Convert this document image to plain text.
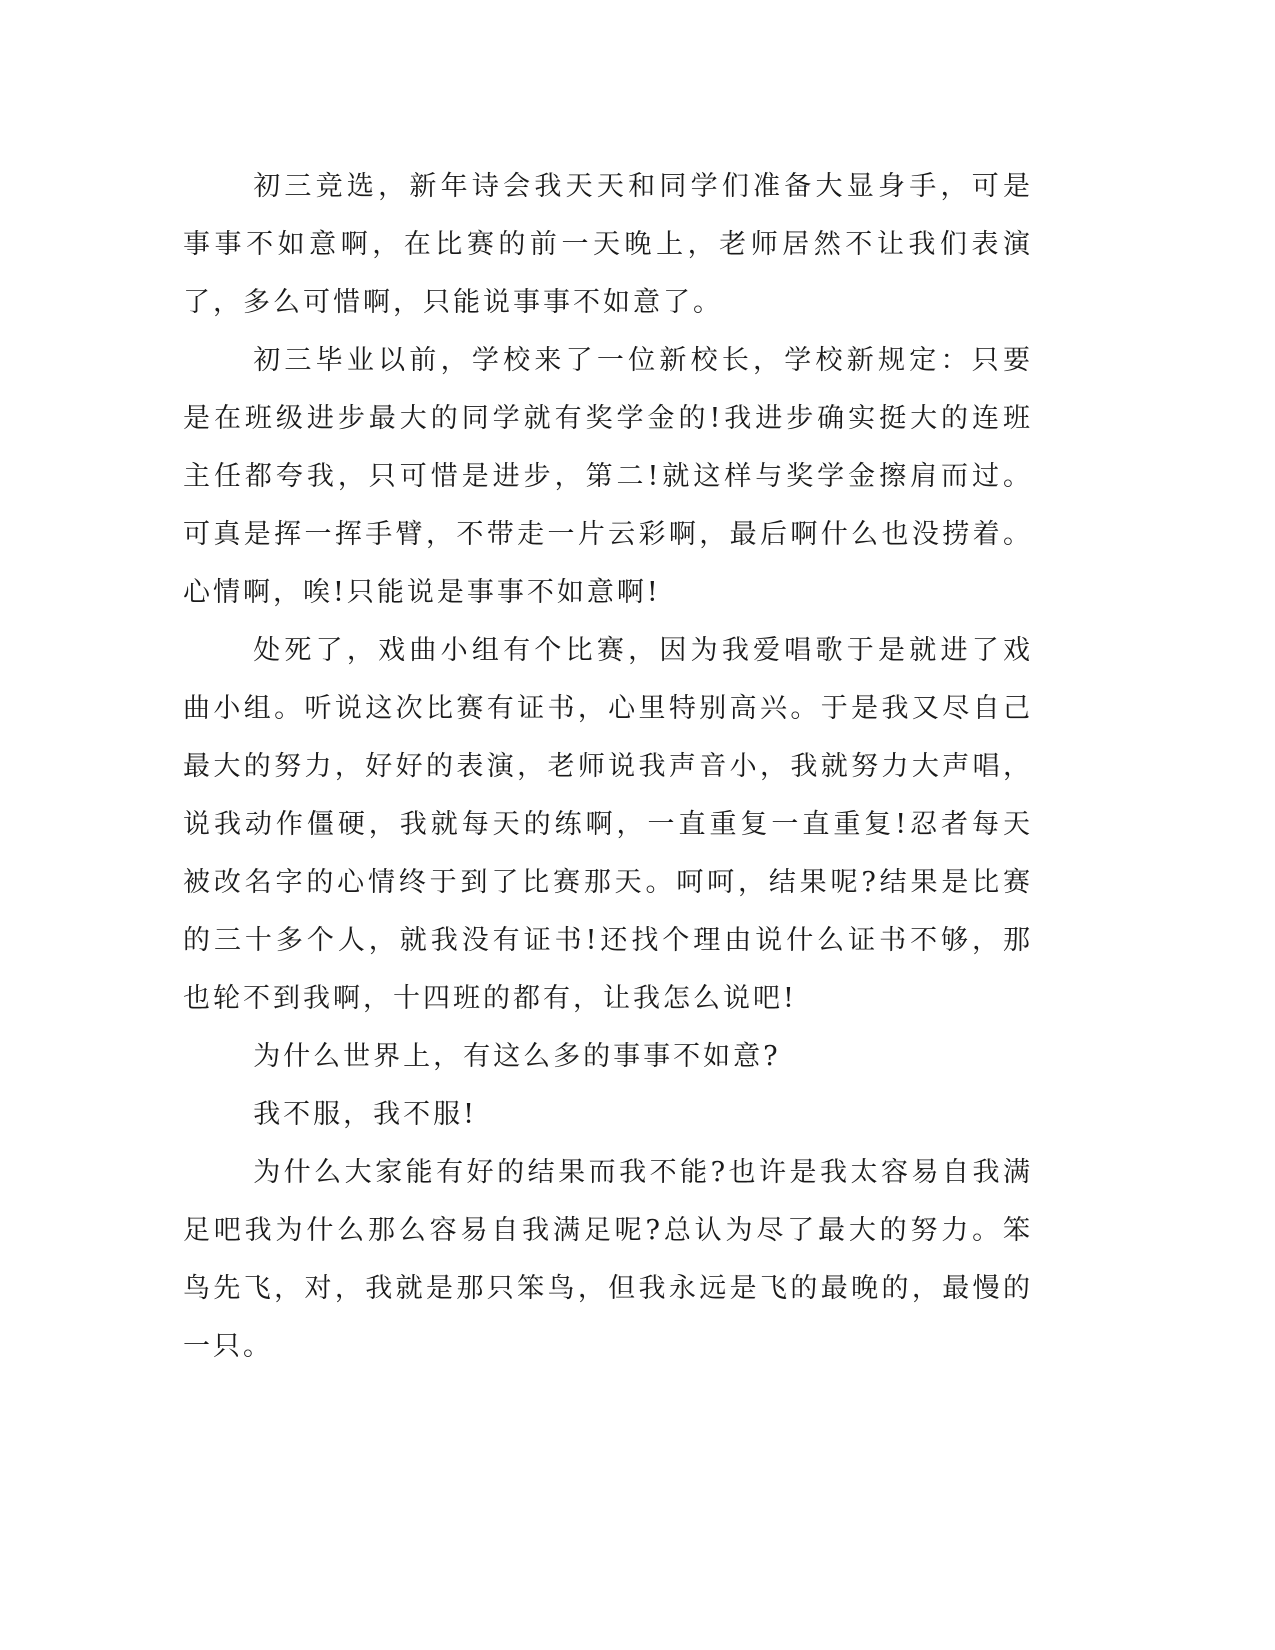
初三竞选，新年诗会我天天和同学们准备大显身手，可是事事不如意啊，在比赛的前一天晚上，老师居然不让我们表演了，多么可惜啊，只能说事事不如意了。

初三毕业以前，学校来了一位新校长，学校新规定：只要是在班级进步最大的同学就有奖学金的!我进步确实挺大的连班主任都夸我，只可惜是进步，第二!就这样与奖学金擦肩而过。可真是挥一挥手臂，不带走一片云彩啊，最后啊什么也没捞着。心情啊，唉!只能说是事事不如意啊!

处死了，戏曲小组有个比赛，因为我爱唱歌于是就进了戏曲小组。听说这次比赛有证书，心里特别高兴。于是我又尽自己最大的努力，好好的表演，老师说我声音小，我就努力大声唱，说我动作僵硬，我就每天的练啊，一直重复一直重复!忍者每天被改名字的心情终于到了比赛那天。呵呵，结果呢?结果是比赛的三十多个人，就我没有证书!还找个理由说什么证书不够，那也轮不到我啊，十四班的都有，让我怎么说吧!

为什么世界上，有这么多的事事不如意?

我不服，我不服!

为什么大家能有好的结果而我不能?也许是我太容易自我满足吧我为什么那么容易自我满足呢?总认为尽了最大的努力。笨鸟先飞，对，我就是那只笨鸟，但我永远是飞的最晚的，最慢的一只。
